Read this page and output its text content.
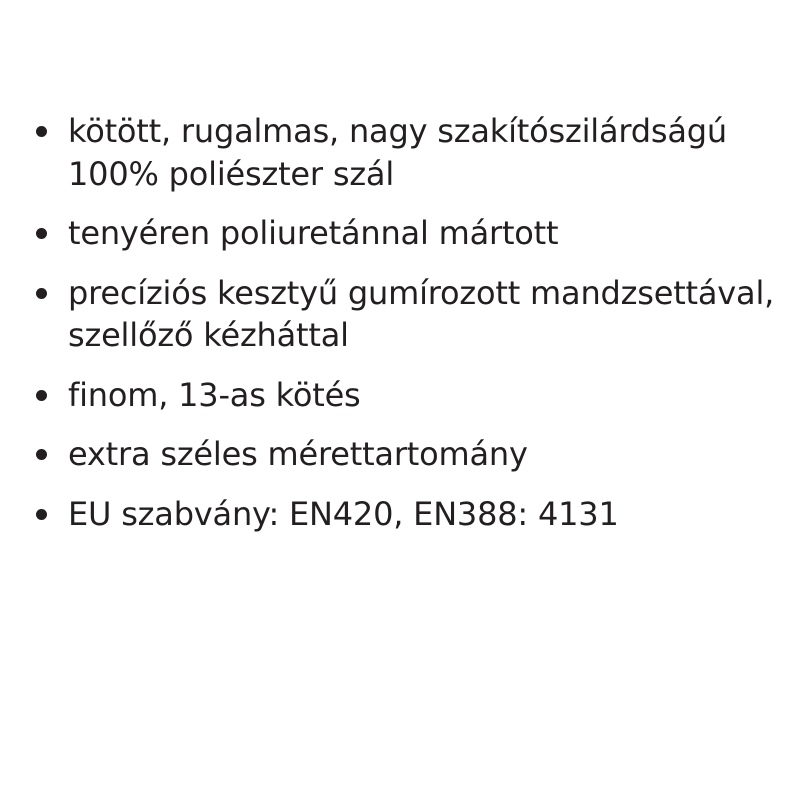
kötött, rugalmas, nagy szakítószilárdságú 100% poliészter szál
tenyéren poliuretánnal mártott
precíziós kesztyű gumírozott mandzsettával, szellőző kézháttal
finom, 13-as kötés
extra széles mérettartomány
EU szabvány: EN420, EN388: 4131
